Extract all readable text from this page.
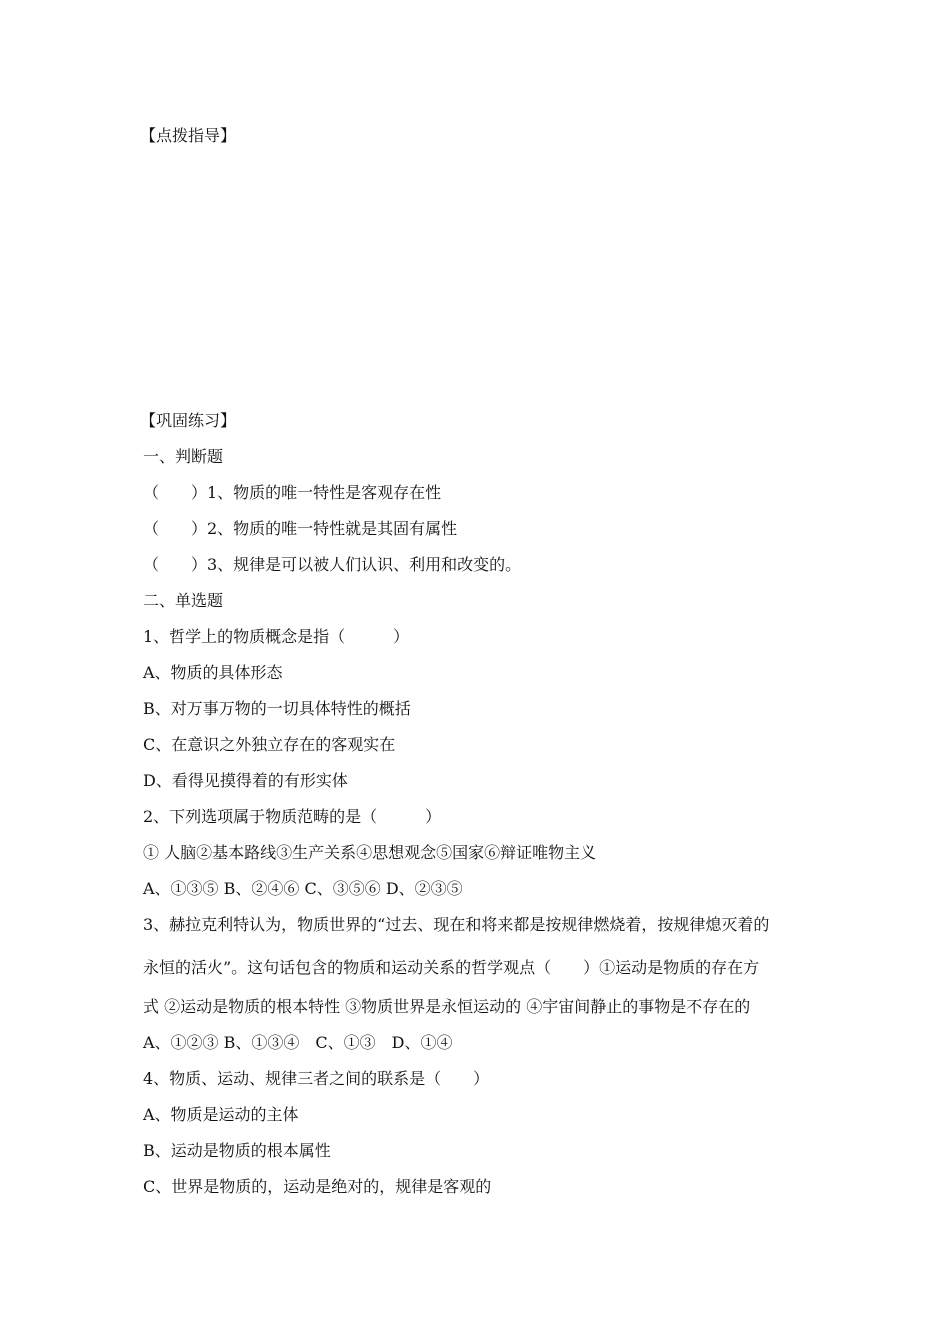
【点拨指导】
【巩固练习】
一、判断题
（　　）1、物质的唯一特性是客观存在性
（　　）2、物质的唯一特性就是其固有属性
（　　）3、规律是可以被人们认识、利用和改变的。
二、单选题
1、哲学上的物质概念是指（　　　）
A、物质的具体形态
B、对万事万物的一切具体特性的概括
C、在意识之外独立存在的客观实在
D、看得见摸得着的有形实体
2、下列选项属于物质范畴的是（　　　）
① 人脑②基本路线③生产关系④思想观念⑤国家⑥辩证唯物主义
A、①③⑤ B、②④⑥ C、③⑤⑥ D、②③⑤
3、赫拉克利特认为，物质世界的“过去、现在和将来都是按规律燃烧着，按规律熄灭着的
永恒的活火”。这句话包含的物质和运动关系的哲学观点（　　）①运动是物质的存在方
式 ②运动是物质的根本特性 ③物质世界是永恒运动的 ④宇宙间静止的事物是不存在的
A、①②③ B、①③④　C、①③　D、①④
4、物质、运动、规律三者之间的联系是（　　）
A、物质是运动的主体
B、运动是物质的根本属性
C、世界是物质的，运动是绝对的，规律是客观的
